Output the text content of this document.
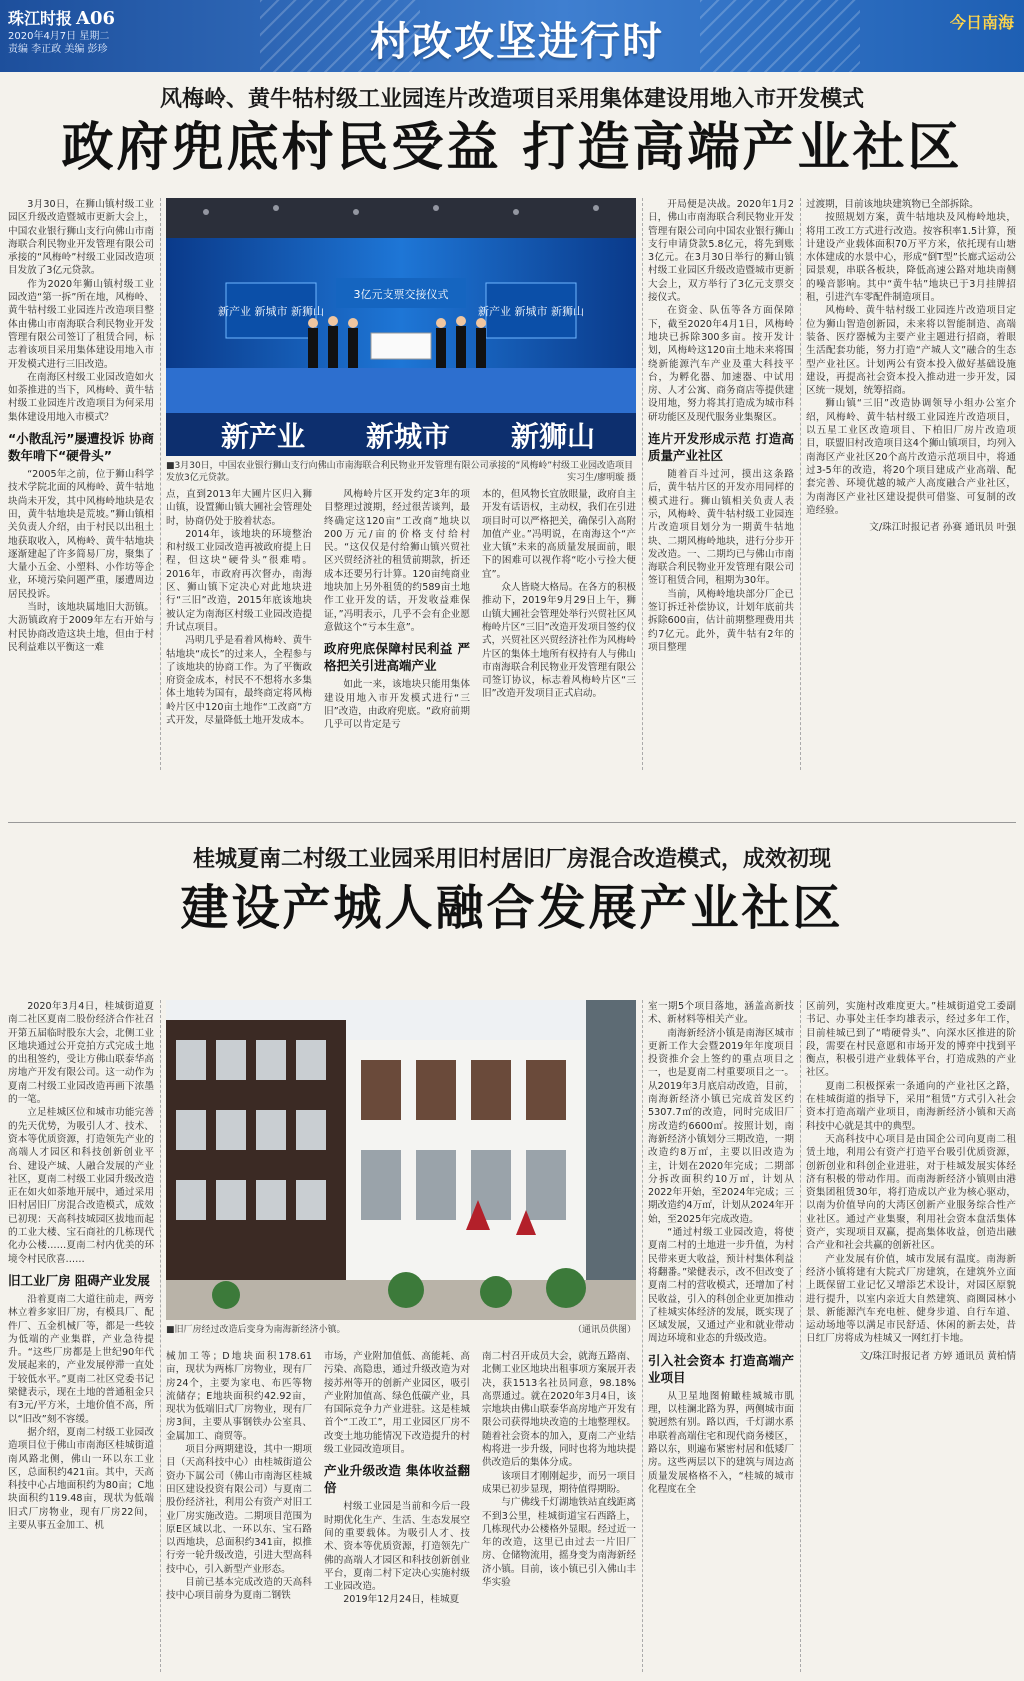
珠江时报 A06
2020年4月7日 星期二
责编 李正政 美编 彭珍	村改攻坚进行时	今日南海
风梅岭、黄牛牯村级工业园连片改造项目采用集体建设用地入市开发模式
政府兜底村民受益 打造高端产业社区

3月30日，在狮山镇村级工业园区升级改造暨城市更新大会上，中国农业银行狮山支行向佛山市南海联合利民物业开发管理有限公司承接的“风梅岭”村级工业园改造项目发放了3亿元贷款。

作为2020年狮山镇村级工业园改造“第一拆”所在地，风梅岭、黄牛牯村级工业园连片改造项目整体由佛山市南海联合利民物业开发管理有限公司签订了租赁合同，标志着该项目采用集体建设用地入市开发模式进行三旧改造。

在南海区村级工业园改造如火如荼推进的当下，风梅岭、黄牛牯村级工业园连片改造项目为何采用集体建设用地入市模式？

“小散乱污”屡遭投诉 协商数年啃下“硬骨头”

“2005年之前，位于狮山科学技术学院北面的风梅岭、黄牛牯地块尚未开发，其中风梅岭地块是农田，黄牛牯地块是荒坡。”狮山镇相关负责人介绍，由于村民以出租土地获取收入，风梅岭、黄牛牯地块逐渐建起了许多简易厂房，聚集了大量小五金、小塑料、小作坊等企业，环境污染问题严重，屡遭周边居民投诉。

当时，该地块属地旧大沥镇。大沥镇政府于2009年左右开始与村民协商改造这块土地，但由于村民利益难以平衡这一难

新产业 新城市 新狮山	新产业 新城市 新狮山
3亿元支票交接仪式
新产业 新城市 新狮山
■3月30日，中国农业银行狮山支行向佛山市南海联合利民物业开发管理有限公司承接的“风梅岭”村级工业园改造项目发放3亿元贷款。	实习生/廖明璇 摄

点，直到2013年大圃片区归入狮山镇，设置狮山镇大圃社会管理处时，协商仍处于胶着状态。

2014年，该地块的环境整治和村级工业园改造再被政府提上日程，但这块“硬骨头”很难啃。2016年，市政府再次督办，南海区、狮山镇下定决心对此地块进行“三旧”改造，2015年底该地块被认定为南海区村级工业园改造提升试点项目。

冯明几乎是看着风梅岭、黄牛牯地块“成长”的过来人，全程参与了该地块的协商工作。为了平衡政府资金成本，村民不不想将水多集体土地转为国有，最终商定将风梅岭片区中120亩土地作“工改商”方式开发，尽量降低土地开发成本。

风梅岭片区开发约定3年的项目整理过渡期，经过很苦谈判，最终确定这120亩“工改商”地块以200万元/亩的价格支付给村民。“这仅仅是付给狮山镇兴贸社区兴贸经济社的租赁前期款，折还成本还要另行计算。120亩纯商业地块加上另外租赁的约589亩土地作工业开发的话，开发收益难保证，”冯明表示，几乎不会有企业愿意做这个“亏本生意”。

政府兜底保障村民利益 严格把关引进高端产业

如此一来，该地块只能用集体建设用地入市开发模式进行“三旧”改造，由政府兜底。“政府前期几乎可以肯定是亏

本的，但风物长宜放眼量，政府自主开发有话语权，主动权，我们在引进项目时可以严格把关，确保引入高附加值产业。”冯明说，在南海这个“产业大镇”未来的高质量发展面前，眼下的困难可以视作将“吃小亏捡大便宜”。

众人皆晓大格局。在各方的积极推动下，2019年9月29日上午，狮山镇大圃社会管理处举行兴贸社区风梅岭片区“三旧”改造开发项目签约仪式，兴贸社区兴贸经济社作为风梅岭片区的集体土地所有权持有人与佛山市南海联合利民物业开发管理有限公司签订协议，标志着风梅岭片区“三旧”改造开发项目正式启动。

开局便是决战。2020年1月2日，佛山市南海联合利民物业开发管理有限公司向中国农业银行狮山支行申请贷款5.8亿元，将先到账3亿元。在3月30日举行的狮山镇村级工业园区升级改造暨城市更新大会上，双方举行了3亿元支票交接仪式。

在资金、队伍等各方面保障下，截至2020年4月1日，风梅岭地块已拆除300多亩。按开发计划，风梅岭这120亩土地未来将围绕新能源汽车产业及重大科技平台，为孵化器、加速器、中试用房、人才公寓、商务商店等提供建设用地，努力将其打造成为城市科研功能区及现代服务业集聚区。

连片开发形成示范 打造高质量产业社区

随着百斗过河，摸出这条路后，黄牛牯片区的开发亦用同样的模式进行。狮山镇相关负责人表示，风梅岭、黄牛牯村级工业园连片改造项目划分为一期黄牛牯地块、二期风梅岭地块，进行分步开发改造。一、二期均已与佛山市南海联合利民物业开发管理有限公司签订租赁合同，租期为30年。

当前，风梅岭地块部分厂企已签订拆迁补偿协议，计划年底前共拆除600亩，估计前期整理费用共约7亿元。此外，黄牛牯有2年的项目整理

过渡期，目前该地块建筑物已全部拆除。

按照规划方案，黄牛牯地块及风梅岭地块，将用工改工方式进行改造。按容积率1.5计算，预计建设产业载体面积70万平方米，依托现有山塘水体建成的水景中心，形成“倒T型”长廊式运动公园景观，串联各板块，降低高速公路对地块南侧的噪音影响。其中“黄牛牯”地块已于3月挂牌招租，引进汽车零配件制造项目。

风梅岭、黄牛牯村级工业园连片改造项目定位为狮山智造创新园，未来将以智能制造、高端装备、医疗器械为主要产业主题进行招商，着眼生活配套功能，努力打造“产城人文”融合的生态型产业社区。计划两公有资本投入做好基础设施建设，再提高社会资本投入推动进一步开发，园区统一规划，统筹招商。

狮山镇“三旧”改造协调领导小组办公室介绍，风梅岭、黄牛牯村级工业园连片改造项目，以五星工业区改造项目、下柏旧厂房片改造项目，联盟旧村改造项目这4个狮山镇项目，均列入南海区产业社区20个高片改造示范项目中，将通过3-5年的改造，将20个项目建成产业高端、配套完善、环境优越的城产人高度融合产业社区，为南海区产业社区建设提供可借鉴、可复制的改造经验。

文/珠江时报记者 孙赛 通讯员 叶强

桂城夏南二村级工业园采用旧村居旧厂房混合改造模式，成效初现
建设产城人融合发展产业社区

2020年3月4日，桂城街道夏南二社区夏南二股份经济合作社召开第五届临时股东大会，北侧工业区地块通过公开竞拍方式完成土地的出租签约，受让方佛山联泰华高房地产开发有限公司。这一动作为夏南二村级工业园改造再画下浓墨的一笔。

立足桂城区位和城市功能完善的先天优势，为吸引人才、技术、资本等优质资源，打造领先产业的高端人才园区和科技创新创业平台、建设产城、人融合发展的产业社区，夏南二村级工业园升级改造正在如火如荼地开展中，通过采用旧村居旧厂房混合改造模式，成效已初现：天高科技城园区拔地而起的工业大楼、宝石商社的几栋现代化办公楼……夏南二村内优美的环境令村民欣喜……

旧工业厂房 阻碍产业发展

沿着夏南二大道往前走，两旁林立着多家旧厂房，有模具厂、配件厂、五金机械厂等，都是一些较为低端的产业集群，产业急待提升。“这些厂房都是上世纪90年代发展起来的，产业发展停滞一直处于较低水平。”夏南二社区党委书记梁健表示，现在土地的普通租金只有3元/平方米，土地价值不高，所以“旧改”刻不容缓。

据介绍，夏南二村级工业园改造项目位于佛山市南海区桂城街道南风路北侧，佛山一环以东工业区，总面积约421亩。其中，天高科技中心占地面积约为80亩；C地块面积约119.48亩，现状为低端旧式厂房物业，现有厂房22间，主要从事五金加工、机

■旧厂房经过改造后变身为南海新经济小镇。	（通讯员供图）

械加工等；D地块面积178.61亩，现状为两栋厂房物业，现有厂房24个，主要为家电、布匹等物流储存；E地块面积约42.92亩，现状为低端旧式厂房物业，现有厂房3间，主要从事钢铁办公室具、金属加工、商贸等。

项目分两期建设，其中一期项目（天高科技中心）由桂城街道公资办下属公司（佛山市南海区桂城田区建设投资有限公司）与夏南二股份经济社，利用公有资产对旧工业厂房实施改造。二期项目范围为原E区域以北、一环以东、宝石路以西地块，总面积约341亩，拟推行旁一轮升级改造，引进大型高科技中心，引入新型产业形态。

目前已基本完成改造的天高科技中心项目前身为夏南二钢铁

市场，产业附加值低、高能耗、高污染、高隐患，通过升级改造为对接苏州等开的创新产业园区，吸引产业附加值高、绿色低碳产业，具有国际竞争力产业进驻。这是桂城首个“工改工”，用工业园区厂房不改变土地功能情况下改造提升的村级工业园改造项目。

产业升级改造 集体收益翻倍

村级工业园是当前和今后一段时期优化生产、生活、生态发展空间的重要载体。为吸引人才、技术、资本等优质资源，打造领先广佛的高端人才园区和科技创新创业平台，夏南二村下定决心实施村级工业园改造。

2019年12月24日，桂城夏

南二村召开成员大会，就海五路南、北侧工业区地块出租事项方案展开表决，获1513名社员同意，98.18%高票通过。就在2020年3月4日，该宗地块由佛山联泰华高房地产开发有限公司获得地块改造的土地整理权。随着社会资本的加入，夏南二产业结构将进一步升级，同时也将为地块提供改造后的集体分成。

该项目才刚刚起步，而另一项目成果已初步显现，期待值得期盼。

与广佛线千灯湖地铁站直线距离不到3公里，桂城街道宝石西路上，几栋现代办公楼格外显眼。经过近一年的改造，这里已由过去一片旧厂房、仓储物流用，摇身变为南海新经济小镇。目前，该小镇已引入佛山丰华实验

室一期5个项目落地，涵盖高新技术、新材料等相关产业。

南海新经济小镇是南海区城市更新工作大会暨2019年年度项目投资推介会上签约的重点项目之一，也是夏南二村重要项目之一。从2019年3月底启动改造，目前，南海新经济小镇已完成首发区约5307.7㎡的改造，同时完成旧厂房改造约6600㎡。按照计划，南海新经济小镇划分三期改造，一期改造约8万㎡，主要以旧改造为主，计划在2020年完成；二期部分拆改面积约10万㎡，计划从2022年开始，至2024年完成；三期改造约4万㎡，计划从2024年开始，至2025年完成改造。

“通过村级工业园改造，将使夏南二村的土地进一步升值，为村民带来更大收益，预计村集体利益将翻番。”梁健表示，改不但改变了夏南二村的营收模式，还增加了村民收益，引入的科创企业更加推动了桂城实体经济的发展，既实现了区域发展，又通过产业和就业带动周边环境和业态的升级改造。

引入社会资本 打造高端产业项目

从卫星地图俯瞰桂城城市肌理，以桂澜北路为界，两侧城市面貌迥然有别。路以西，千灯湖水系串联着高端住宅和现代商务楼区，路以东，则遍布紧密村居和低矮厂房。这些两层以下的建筑与周边高质量发展格格不入，“桂城的城市化程度在全

区前列，实施村改难度更大。”桂城街道党工委副书记、办事处主任李均雄表示，经过多年工作，目前桂城已到了“啃硬骨头”、向深水区推进的阶段，需要在村民意愿和市场开发的博弈中找到平衡点，积极引进产业载体平台，打造成熟的产业社区。

夏南二积极探索一条通向的产业社区之路，在桂城街道的指导下，采用“租赁”方式引入社会资本打造高端产业项目，南海新经济小镇和天高科技中心就是其中的典型。

天高科技中心项目是由国企公司向夏南二租赁土地，利用公有资产打造平台吸引优质资源，创新创业和科创企业进驻，对于桂城发展实体经济有积极的带动作用。而南海新经济小镇则由港资集团租赁30年，将打造成以产业为核心驱动，以南为价值导向的大湾区创新产业服务综合性产业社区。通过产业集聚，利用社会资本盘活集体资产，实现项目双赢，提高集体收益，创造出融合产业和社会共赢的创新社区。

产业发展有价值，城市发展有温度。南海新经济小镇将建有大院式厂房建筑，在建筑外立面上既保留工业记忆又增添艺术设计，对园区原貌进行提升，以室内亲近大自然建筑、商圈园林小景、新能源汽车充电桩、健身步道、自行车道、运动场地等以满足市民舒适、休闲的新去处，昔日红厂房将成为桂城又一网红打卡地。

文/珠江时报记者 方婷 通讯员 黄柏情
